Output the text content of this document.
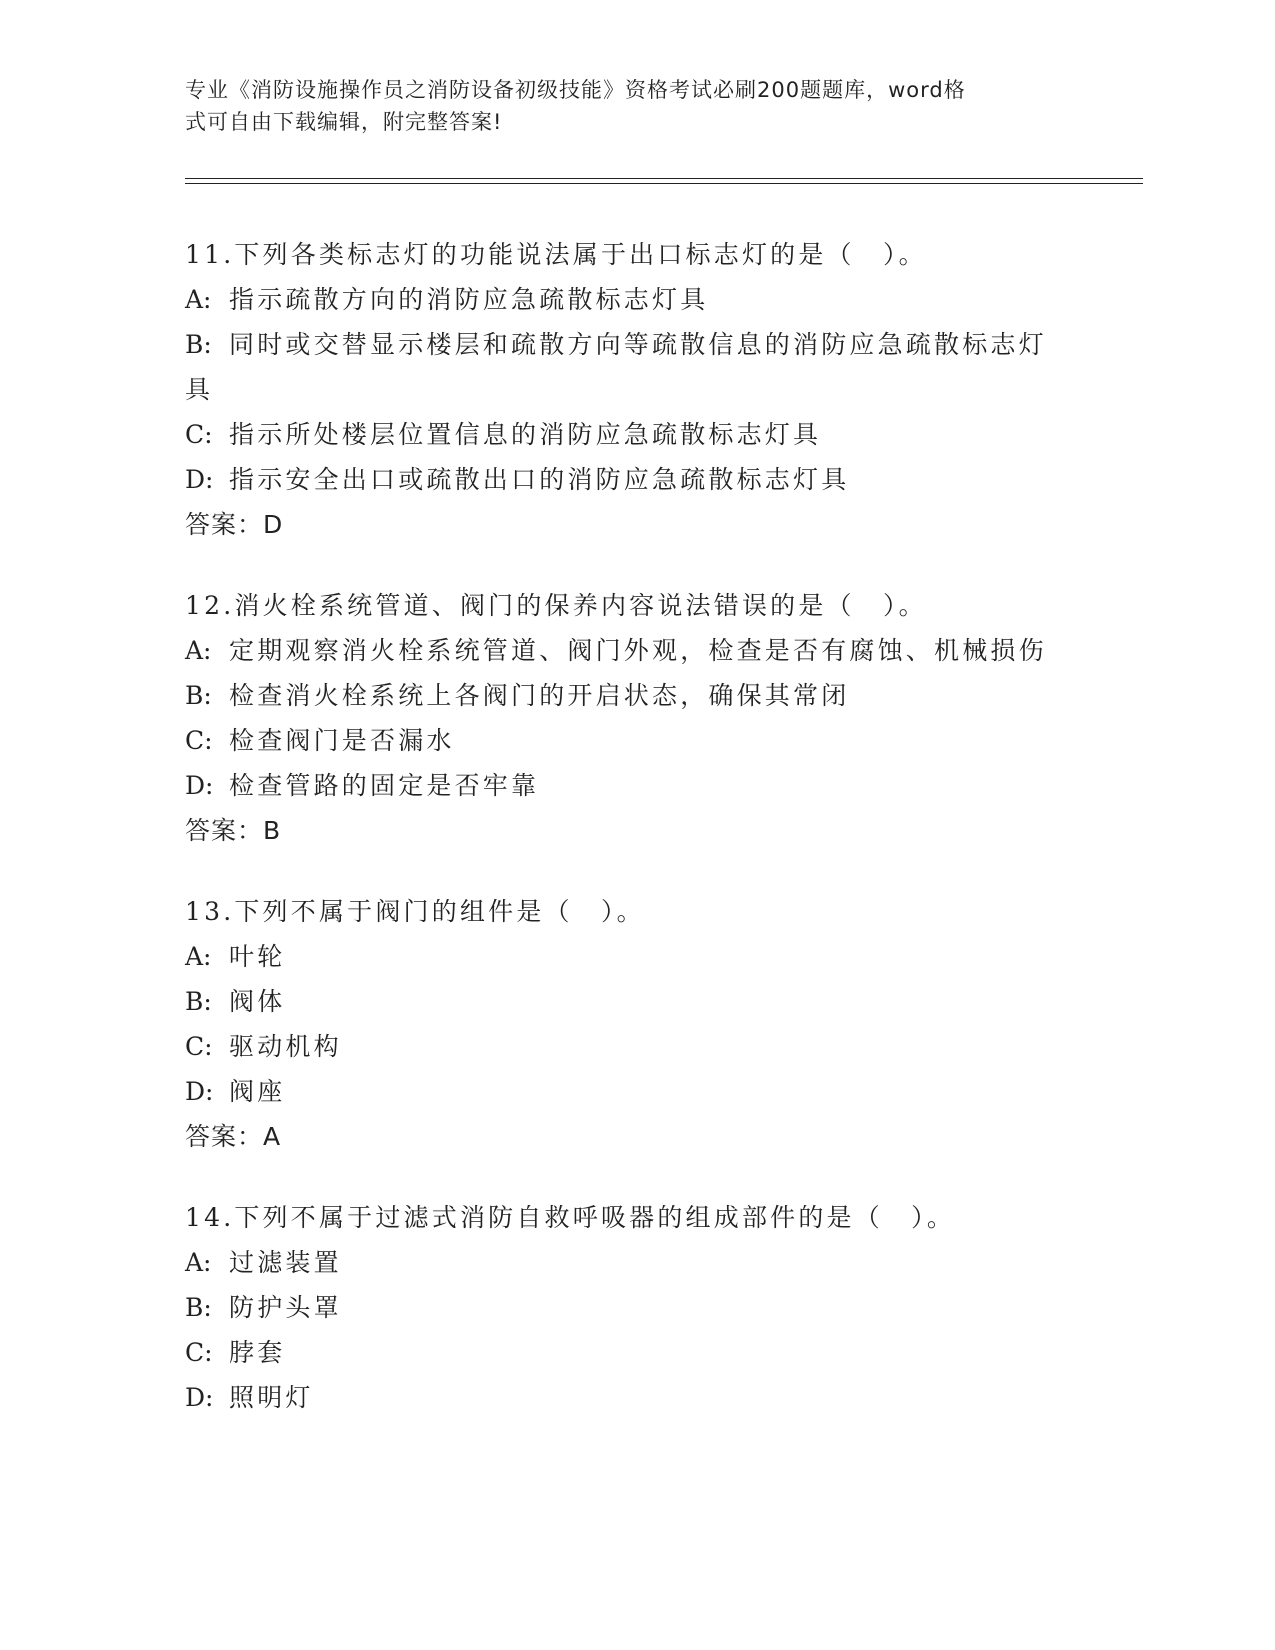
专业《消防设施操作员之消防设备初级技能》资格考试必刷200题题库，word格
式可自由下载编辑，附完整答案!

11.下列各类标志灯的功能说法属于出口标志灯的是（　）。

A: 指示疏散方向的消防应急疏散标志灯具

B: 同时或交替显示楼层和疏散方向等疏散信息的消防应急疏散标志灯

具

C: 指示所处楼层位置信息的消防应急疏散标志灯具

D: 指示安全出口或疏散出口的消防应急疏散标志灯具

答案：D

12.消火栓系统管道、阀门的保养内容说法错误的是（　）。

A: 定期观察消火栓系统管道、阀门外观，检查是否有腐蚀、机械损伤

B: 检查消火栓系统上各阀门的开启状态，确保其常闭

C: 检查阀门是否漏水

D: 检查管路的固定是否牢靠

答案：B

13.下列不属于阀门的组件是（　）。

A: 叶轮

B: 阀体

C: 驱动机构

D: 阀座

答案：A

14.下列不属于过滤式消防自救呼吸器的组成部件的是（　）。

A: 过滤装置

B: 防护头罩

C: 脖套

D: 照明灯
